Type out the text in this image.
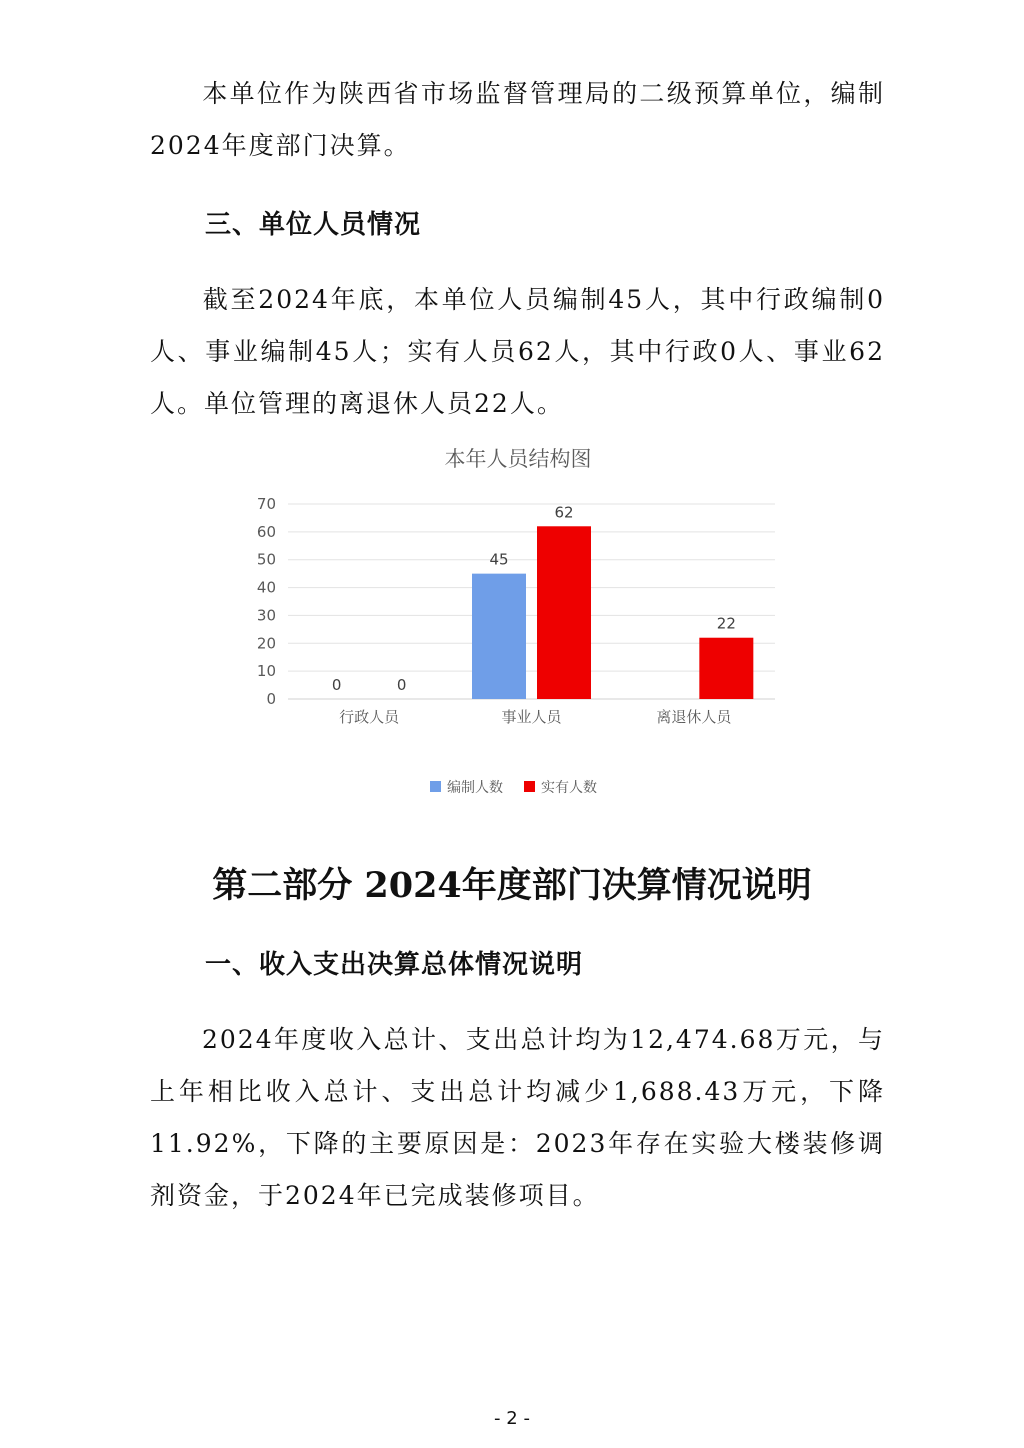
本单位作为陕西省市场监督管理局的二级预算单位，编制2024年度部门决算。

三、单位人员情况

截至2024年底，本单位人员编制45人，其中行政编制0人、事业编制45人；实有人员62人，其中行政0人、事业62人。单位管理的离退休人员22人。

本年人员结构图
0
10
20
30
40
50
60
70
行政人员	事业人员	离退休人员
0	0
45
62
22
编制人数	实有人数
第二部分 2024年度部门决算情况说明
一、收入支出决算总体情况说明

2024年度收入总计、支出总计均为12,474.68万元，与上年相比收入总计、支出总计均减少1,688.43万元，下降11.92%，下降的主要原因是：2023年存在实验大楼装修调剂资金，于2024年已完成装修项目。

- 2 -
